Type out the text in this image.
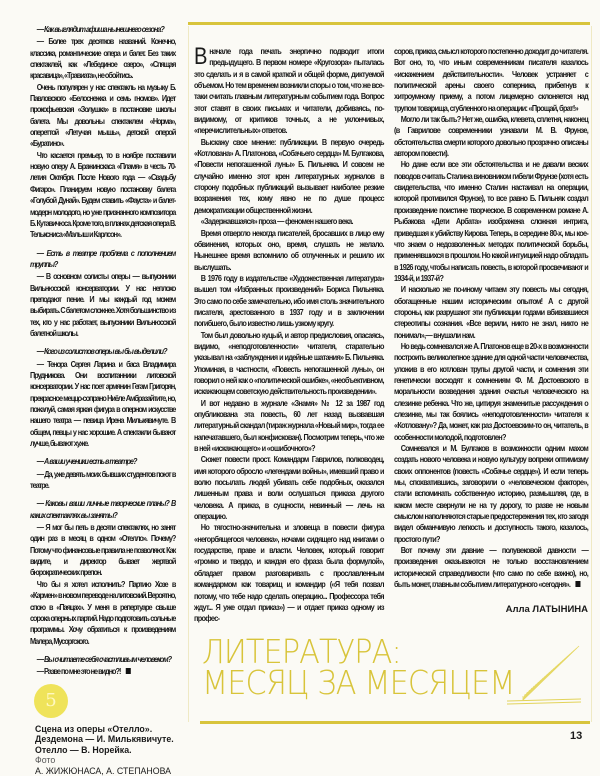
— Как выглядит афиша нынешнего сезона?

— Более трех десятков названий. Конечно, классика, романтические опера и балет. Без таких спектаклей, как «Лебединое озеро», «Спящая красавица», «Травиата», не обойтись.

Очень популярен у нас спектакль на музыку Б. Павловского «Белоснежка и семь гномов». Идет прокофьевская «Золушка» в постановке школы балета. Мы довольны спектаклем «Норма», опереттой «Летучая мышь», детской оперой «Буратино».

Что касается премьер, то в ноябре поставили новую оперу А. Бражинскаса «Пламя» в честь 70-летия Октября. После Нового года — «Свадьбу Фигаро». Планируем новую постановку балета «Голубой Дунай». Будем ставить «Фауста» и балет-модерн молодого, но уже признанного композитора Б. Кутавичюса. Кроме того, в планах детская опера В. Тельксниса «Малыш и Карлсон».

— Есть в театре проблема с пополнением труппы?

— В основном солисты оперы — выпускники Вильнюсской консерватории. У нас неплохо преподают пение. И мы каждый год можем выбирать. С балетом сложнее. Хотя большинство из тех, кто у нас работает, выпускники Вильнюсской балетной школы.

— Кого из солистов оперы вы бы выделили?

— Тенора Сергея Ларина и баса Владимира Прудникова. Они воспитанники литовской консерватории. У нас поет армянин Гегам Григорян, прекрасное меццо-сопрано Ниёле Амбразайтите, но, пожалуй, самая яркая фигура в оперном искусстве нашего театра — певица Ирена Милькявичуте. В общем, певцы у нас хорошие. А спектакли бывают лучше, бывают хуже.

— А ваши ученики есть в театре?

— Да, уже девять моих бывших студентов поют в театре.

— Каковы ваши личные творческие планы? В каких спектаклях вы заняты?

— Я мог бы петь в десяти спектаклях, но занят один раз в месяц в одном «Отелло». Почему? Потому что финансовые правила не позволяют. Как видите, и директор бывает жертвой бюрократических препон.

Что бы я хотел исполнить? Партию Хозе в «Кармен» в новом переводе на литовский. Вероятно, спою в «Паяцах». У меня в репертуаре свыше сорока оперных партий. Надо подготовить сольные программы. Хочу обратиться к произведениям Малера, Мусоргского.

— Вы считаете себя счастливым человеком?

— Разве по мне это не видно?!

В начале года печать энергично подводит итоги предыдущего. В первом номере «Кругозора» пыталась это сделать и я в самой краткой и общей форме, диктуемой объемом. Но тем временем возникли споры о том, что же все-таки считать главным литературным событием года. Вопрос этот ставят в своих письмах и читатели, добиваясь, по-видимому, от критиков точных, а не уклончивых, «перечислительных» ответов.

Выскажу свое мнение: публикации. В первую очередь «Котлована» А. Платонова, «Собачьего сердца» М. Булгакова, «Повести непогашенной луны» Б. Пильняка. И совсем не случайно именно этот крен литературных журналов в сторону подобных публикаций вызывает наиболее резкие возражения тех, кому явно не по душе процесс демократизации общественной жизни.

«Задержавшаяся» проза — феномен нашего века.

Время отвергло некогда писателей, бросавших в лицо ему обвинения, которых оно, время, слушать не желало. Нынешнее время вспомнило об отлученных и решило их выслушать.

В 1976 году в издательстве «Художественная литература» вышел том «Избранных произведений» Бориса Пильняка. Это само по себе замечательно, ибо имя столь значительного писателя, арестованного в 1937 году и в заключении погибшего, было известно лишь узкому кругу.

Том был довольно куцый, и автор предисловия, опасаясь, видимо, «неподготовленности» читателя, старательно указывал на «заблуждения и идейные шатания» Б. Пильняка. Упоминая, в частности, «Повесть непогашенной луны», он говорил о ней как о «политической ошибке», «необъективном, искажающем советскую действительность произведении».

И вот недавно в журнале «Знамя» № 12 за 1987 год опубликована эта повесть, 60 лет назад вызвавшая литературный скандал (тираж журнала «Новый мир», тогда ее напечатавшего, был конфискован). Посмотрим теперь, что же в ней «искажающего» и «ошибочного»?

Сюжет повести прост. Командарм Гаврилов, полководец, имя которого обросло «легендами войны», имевший право и волю посылать людей убивать себе подобных, оказался лишенным права и воли ослушаться приказа другого человека. А приказ, в сущности, невинный — лечь на операцию.

Но тягостно-значительна и зловеща в повести фигура «негорбящегося человека», ночами сидящего над книгами о государстве, праве и власти. Человек, который говорит «громко и твердо, и каждая его фраза была формулой», обладает правом разговаривать с прославленным командармом как товарищ и командир («Я тебя позвал потому, что тебе надо сделать операцию... Профессора тебя ждут... Я уже отдал приказ») — и отдает приказ одному из профес-

соров, приказ, смысл которого постепенно доходит до читателя. Вот оно, то, что иным современникам писателя казалось «искажением действительности». Человек устраняет с политической арены своего соперника, прибегнув к хитроумному приему, а потом лицемерно склоняется над трупом товарища, сгубленного на операции: «Прощай, брат!»

Могло ли так быть? Нет же, ошибка, клевета, сплетня, наконец (в Гаврилове современники узнавали М. В. Фрунзе, обстоятельства смерти которого довольно прозрачно описаны автором повести).

Но даже если все эти обстоятельства и не давали веских поводов считать Сталина виновником гибели Фрунзе (хотя есть свидетельства, что именно Сталин настаивал на операции, которой противился Фрунзе), то все равно Б. Пильняк создал произведение поистине творческое. В современном романе А. Рыбакова «Дети Арбата» изображена сложная интрига, приведшая к убийству Кирова. Теперь, в середине 80-х, мы кое-что знаем о недозволенных методах политической борьбы, применявшихся в прошлом. Но какой интуицией надо обладать в 1926 году, чтобы написать повесть, в которой просвечивают и 1934-й, и 1937-й?

И насколько же по-иному читаем эту повесть мы сегодня, обогащенные нашим историческим опытом! А с другой стороны, как разрушают эти публикации годами вбивавшиеся стереотипы сознания. «Все верили, никто не знал, никто не понимал»,— внушали нам.

Но ведь сомневался же А. Платонов еще в 20-х в возможности построить великолепное здание для одной части человечества, уложив в его котлован трупы другой части, и сомнения эти генетически восходят к сомнениям Ф. М. Достоевского в моральности возведения здания счастья человеческого на слезинке ребенка. Что же, цитируя знаменитые рассуждения о слезинке, мы так боялись «неподготовленности» читателя к «Котловану»? Да, может, как раз Достоевским-то он, читатель, в особенности молодой, подготовлен?

Сомневался и М. Булгаков в возможности одним махом создать нового человека и новую культуру вопреки оптимизму своих оппонентов (повесть «Собачье сердце»). И если теперь мы, спохватившись, заговорили о «человеческом факторе», стали вспоминать собственную историю, размышляя, где, в каком месте свернули не на ту дорогу, то разве не новым смыслом наполняются старые предостережения тех, кто загодя видел обманчивую легкость и доступность такого, казалось, простого пути?

Вот почему эти давние — полувековой давности — произведения оказываются не только восстановлением исторической справедливости (что само по себе важно), но, быть может, главным событием литературного «сегодня».

Алла ЛАТЫНИНА
5
Сцена из оперы «Отелло».
Дездемона — И. Милькявичуте.
Отелло — В. Норейка.
Фото
А. ЖИЖЮНАСА, А. СТЕПАНОВА
ЛИТЕРАТУРА:
МЕСЯЦ ЗА МЕСЯЦЕМ
13
